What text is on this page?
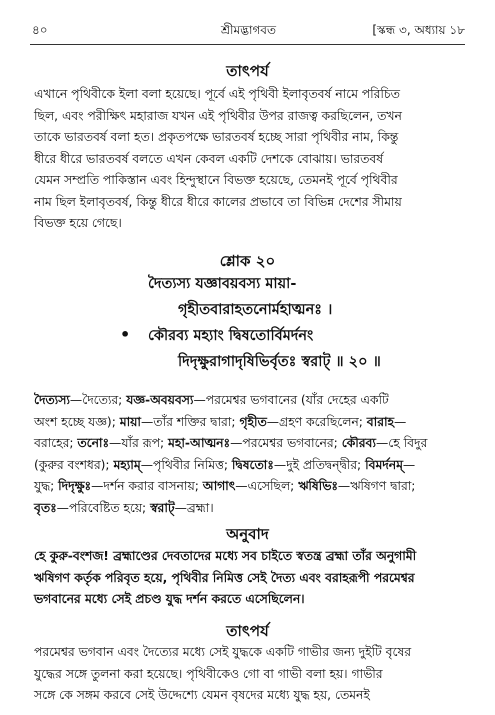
৪০	শ্রীমদ্ভাগবত	[স্কন্ধ ৩, অধ্যায় ১৮
তাৎপর্য
এখানে পৃথিবীকে ইলা বলা হয়েছে। পূর্বে এই পৃথিবী ইলাবৃতবর্ষ নামে পরিচিত
ছিল, এবং পরীক্ষিৎ মহারাজ যখন এই পৃথিবীর উপর রাজত্ব করছিলেন, তখন
তাকে ভারতবর্ষ বলা হত। প্রকৃতপক্ষে ভারতবর্ষ হচ্ছে সারা পৃথিবীর নাম, কিন্তু
ধীরে ধীরে ভারতবর্ষ বলতে এখন কেবল একটি দেশকে বোঝায়। ভারতবর্ষ
যেমন সম্প্রতি পাকিস্তান এবং হিন্দুস্থানে বিভক্ত হয়েছে, তেমনই পূর্বে পৃথিবীর
নাম ছিল ইলাবৃতবর্ষ, কিন্তু ধীরে ধীরে কালের প্রভাবে তা বিভিন্ন দেশের সীমায়
বিভক্ত হয়ে গেছে।
শ্লোক ২০
দৈত্যস্য যজ্ঞাবয়বস্য মায়া-
গৃহীতবারাহতনোর্মহাত্মনঃ ।
• কৌরব্য মহ্যাং দ্বিষতোর্বিমর্দনং
দিদৃক্ষুরাগাদৃষিভির্বৃতঃ স্বরাট্ ॥ ২০ ॥
দৈত্যস্য—দৈত্যের; যজ্ঞ-অবয়বস্য—পরমেশ্বর ভগবানের (যাঁর দেহের একটি
অংশ হচ্ছে যজ্ঞ); মায়া—তাঁর শক্তির দ্বারা; গৃহীত—গ্রহণ করেছিলেন; বারাহ—
বরাহের; তনোঃ—যাঁর রূপ; মহা-আত্মনঃ—পরমেশ্বর ভগবানের; কৌরব্য—হে বিদুর
(কুরুর বংশধর); মহ্যাম্—পৃথিবীর নিমিত্ত; দ্বিষতোঃ—দুই প্রতিদ্বন্দ্বীর; বিমর্দনম্—
যুদ্ধ; দিদৃক্ষুঃ—দর্শন করার বাসনায়; আগাৎ—এসেছিল; ঋষিভিঃ—ঋষিগণ দ্বারা;
বৃতঃ—পরিবেষ্টিত হয়ে; স্বরাট্—ব্রহ্মা।
অনুবাদ
হে কুরু-বংশজ! ব্রহ্মাণ্ডের দেবতাদের মধ্যে সব চাইতে স্বতন্ত্র ব্রহ্মা তাঁর অনুগামী
ঋষিগণ কর্তৃক পরিবৃত হয়ে, পৃথিবীর নিমিত্ত সেই দৈত্য এবং বরাহরূপী পরমেশ্বর
ভগবানের মধ্যে সেই প্রচণ্ড যুদ্ধ দর্শন করতে এসেছিলেন।
তাৎপর্য
পরমেশ্বর ভগবান এবং দৈত্যের মধ্যে সেই যুদ্ধকে একটি গাভীর জন্য দুইটি বৃষের
যুদ্ধের সঙ্গে তুলনা করা হয়েছে। পৃথিবীকেও গো বা গাভী বলা হয়। গাভীর
সঙ্গে কে সঙ্গম করবে সেই উদ্দেশ্যে যেমন বৃষদের মধ্যে যুদ্ধ হয়, তেমনই
